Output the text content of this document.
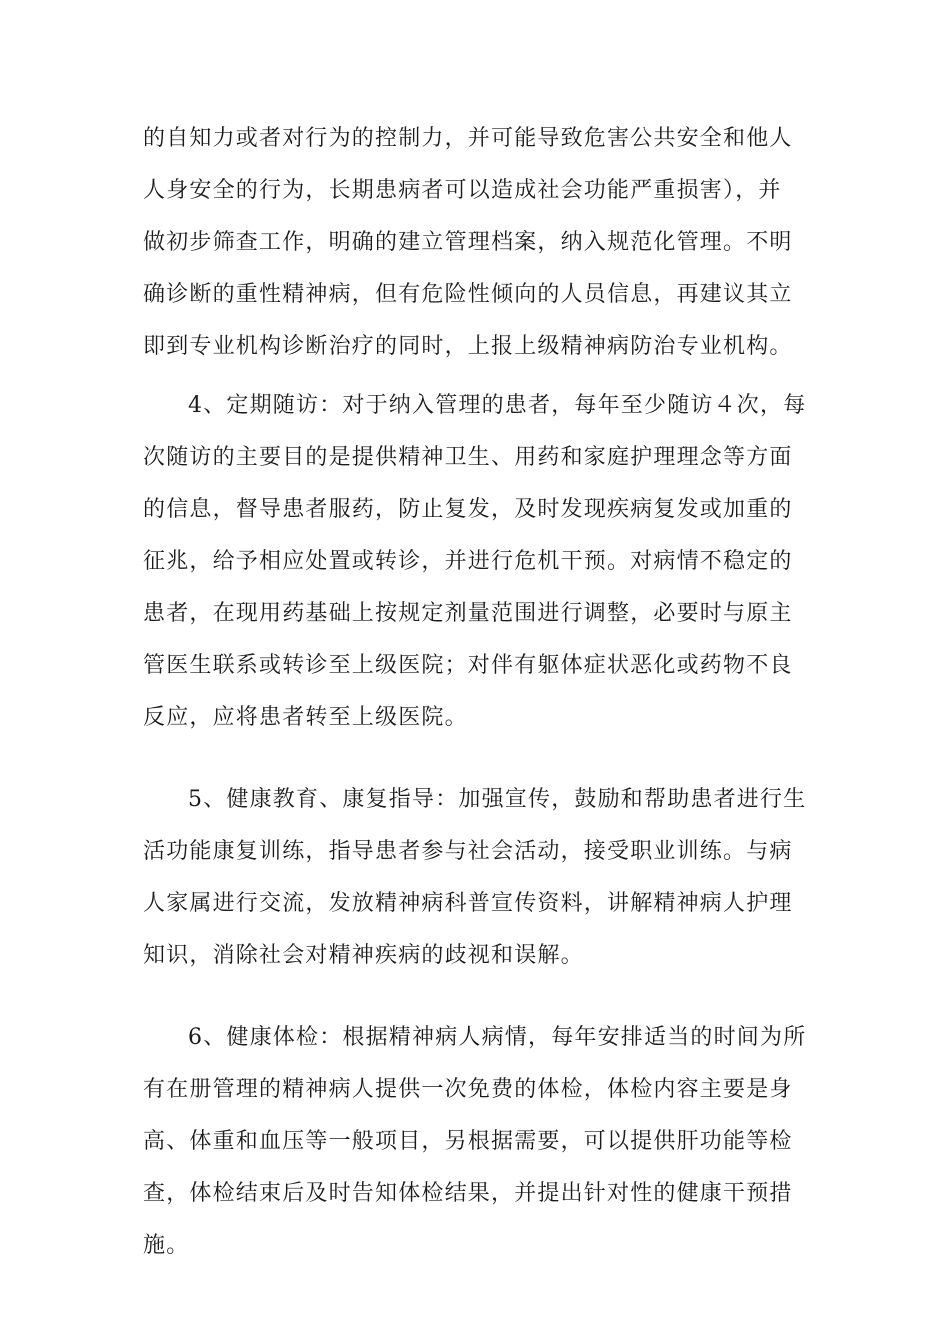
的自知力或者对行为的控制力，并可能导致危害公共安全和他人
人身安全的行为，长期患病者可以造成社会功能严重损害），并
做初步筛查工作，明确的建立管理档案，纳入规范化管理。不明
确诊断的重性精神病，但有危险性倾向的人员信息，再建议其立
即到专业机构诊断治疗的同时，上报上级精神病防治专业机构。
4、定期随访：对于纳入管理的患者，每年至少随访４次，每
次随访的主要目的是提供精神卫生、用药和家庭护理理念等方面
的信息，督导患者服药，防止复发，及时发现疾病复发或加重的
征兆，给予相应处置或转诊，并进行危机干预。对病情不稳定的
患者，在现用药基础上按规定剂量范围进行调整，必要时与原主
管医生联系或转诊至上级医院；对伴有躯体症状恶化或药物不良
反应，应将患者转至上级医院。
5、健康教育、康复指导：加强宣传，鼓励和帮助患者进行生
活功能康复训练，指导患者参与社会活动，接受职业训练。与病
人家属进行交流，发放精神病科普宣传资料，讲解精神病人护理
知识，消除社会对精神疾病的歧视和误解。
6、健康体检：根据精神病人病情，每年安排适当的时间为所
有在册管理的精神病人提供一次免费的体检，体检内容主要是身
高、体重和血压等一般项目，另根据需要，可以提供肝功能等检
查，体检结束后及时告知体检结果，并提出针对性的健康干预措
施。
